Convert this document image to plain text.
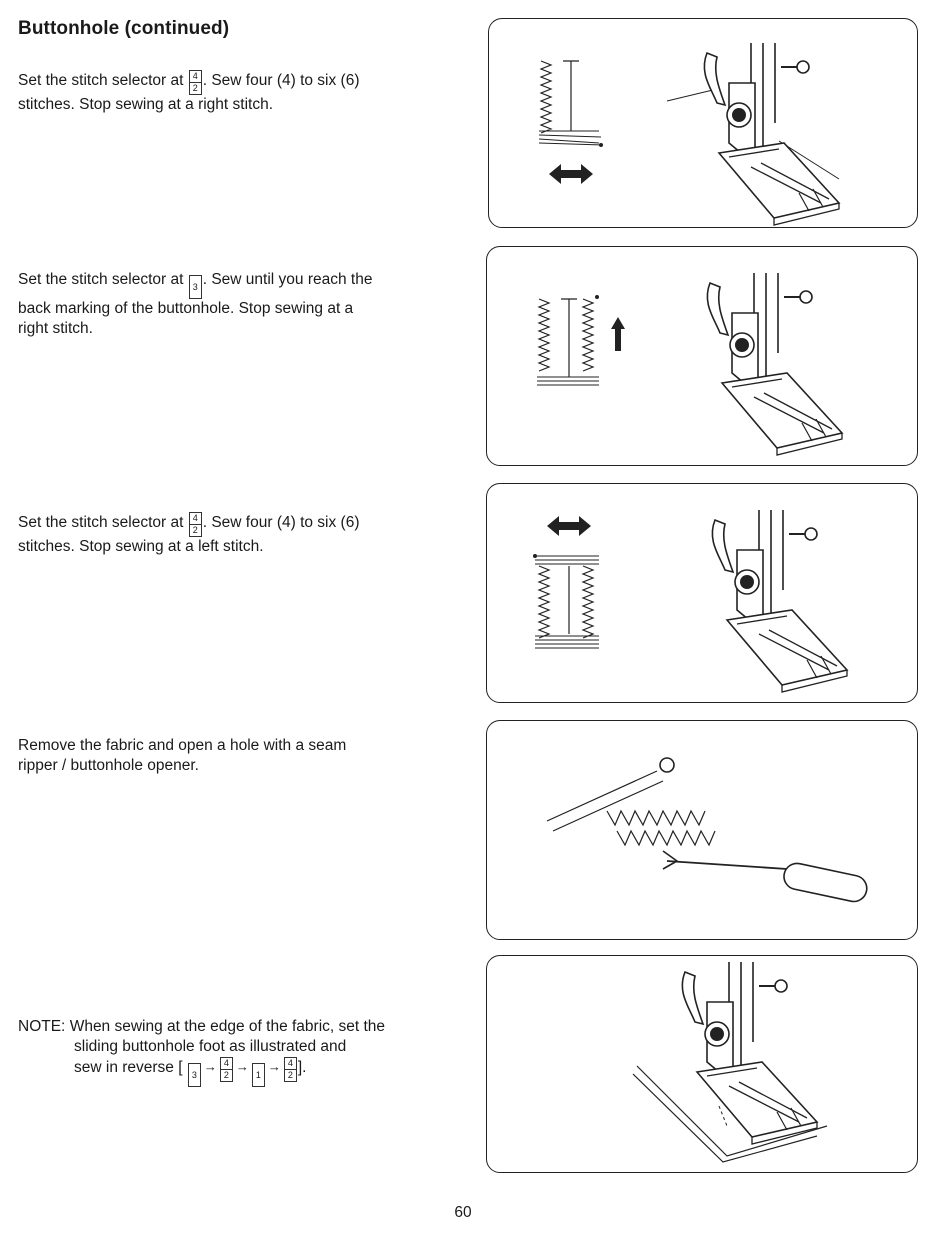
Buttonhole (continued)
Set the stitch selector at $\frac{4}{2}$ . Sew four (4) to six (6)
stitches. Stop sewing at a right stitch.
Set the stitch selector at 3 . Sew until you reach the
back marking of the buttonhole. Stop sewing at a
right stitch.
Set the stitch selector at $\frac{4}{2}$ . Sew four (4) to six (6)
stitches. Stop sewing at a left stitch.
Remove the fabric and open a hole with a seam
ripper / buttonhole opener.
NOTE: When sewing at the edge of the fabric, set the
sliding buttonhole foot as illustrated and
sew in reverse [ $3\to \frac{4}{2} \to 1\to \frac{4}{2}$ ].
60
